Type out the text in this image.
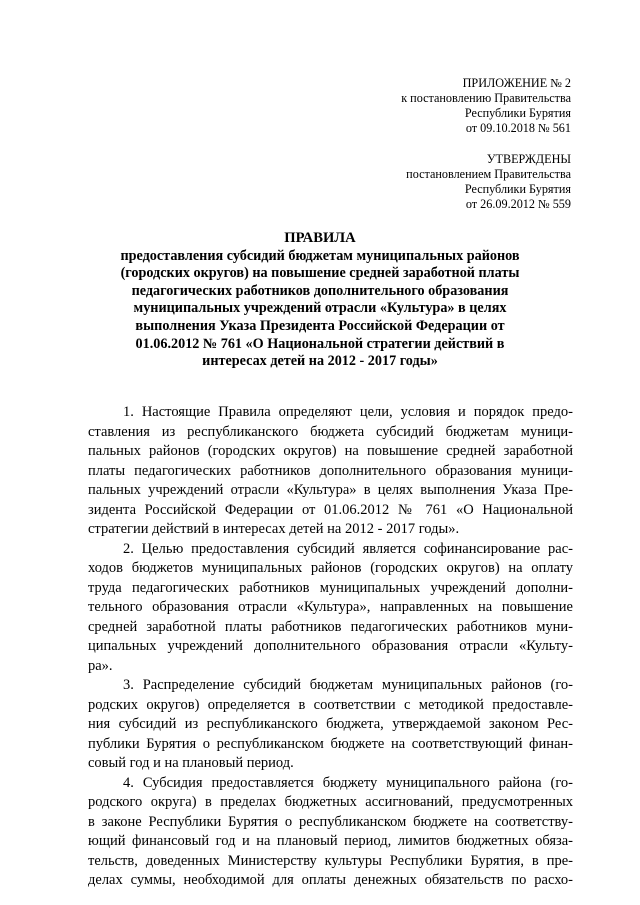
ПРИЛОЖЕНИЕ № 2
к постановлению Правительства
Республики Бурятия
от 09.10.2018 № 561
УТВЕРЖДЕНЫ
постановлением Правительства
Республики Бурятия
от 26.09.2012 № 559
ПРАВИЛА
предоставления субсидий бюджетам муниципальных районов
(городских округов) на повышение средней заработной платы
педагогических работников дополнительного образования
муниципальных учреждений отрасли «Культура» в целях
выполнения Указа Президента Российской Федерации от
01.06.2012 № 761 «О Национальной стратегии действий в
интересах детей на 2012 - 2017 годы»
1. Настоящие Правила определяют цели, условия и порядок предо-
ставления из республиканского бюджета субсидий бюджетам муници-
пальных районов (городских округов) на повышение средней заработной
платы педагогических работников дополнительного образования муници-
пальных учреждений отрасли «Культура» в целях выполнения Указа Пре-
зидента Российской Федерации от 01.06.2012 № 761 «О Национальной
стратегии действий в интересах детей на 2012 - 2017 годы».
2. Целью предоставления субсидий является софинансирование рас-
ходов бюджетов муниципальных районов (городских округов) на оплату
труда педагогических работников муниципальных учреждений дополни-
тельного образования отрасли «Культура», направленных на повышение
средней заработной платы работников педагогических работников муни-
ципальных учреждений дополнительного образования отрасли «Культу-
ра».
3. Распределение субсидий бюджетам муниципальных районов (го-
родских округов) определяется в соответствии с методикой предоставле-
ния субсидий из республиканского бюджета, утверждаемой законом Рес-
публики Бурятия о республиканском бюджете на соответствующий финан-
совый год и на плановый период.
4. Субсидия предоставляется бюджету муниципального района (го-
родского округа) в пределах бюджетных ассигнований, предусмотренных
в законе Республики Бурятия о республиканском бюджете на соответству-
ющий финансовый год и на плановый период, лимитов бюджетных обяза-
тельств, доведенных Министерству культуры Республики Бурятия, в пре-
делах суммы, необходимой для оплаты денежных обязательств по расхо-
